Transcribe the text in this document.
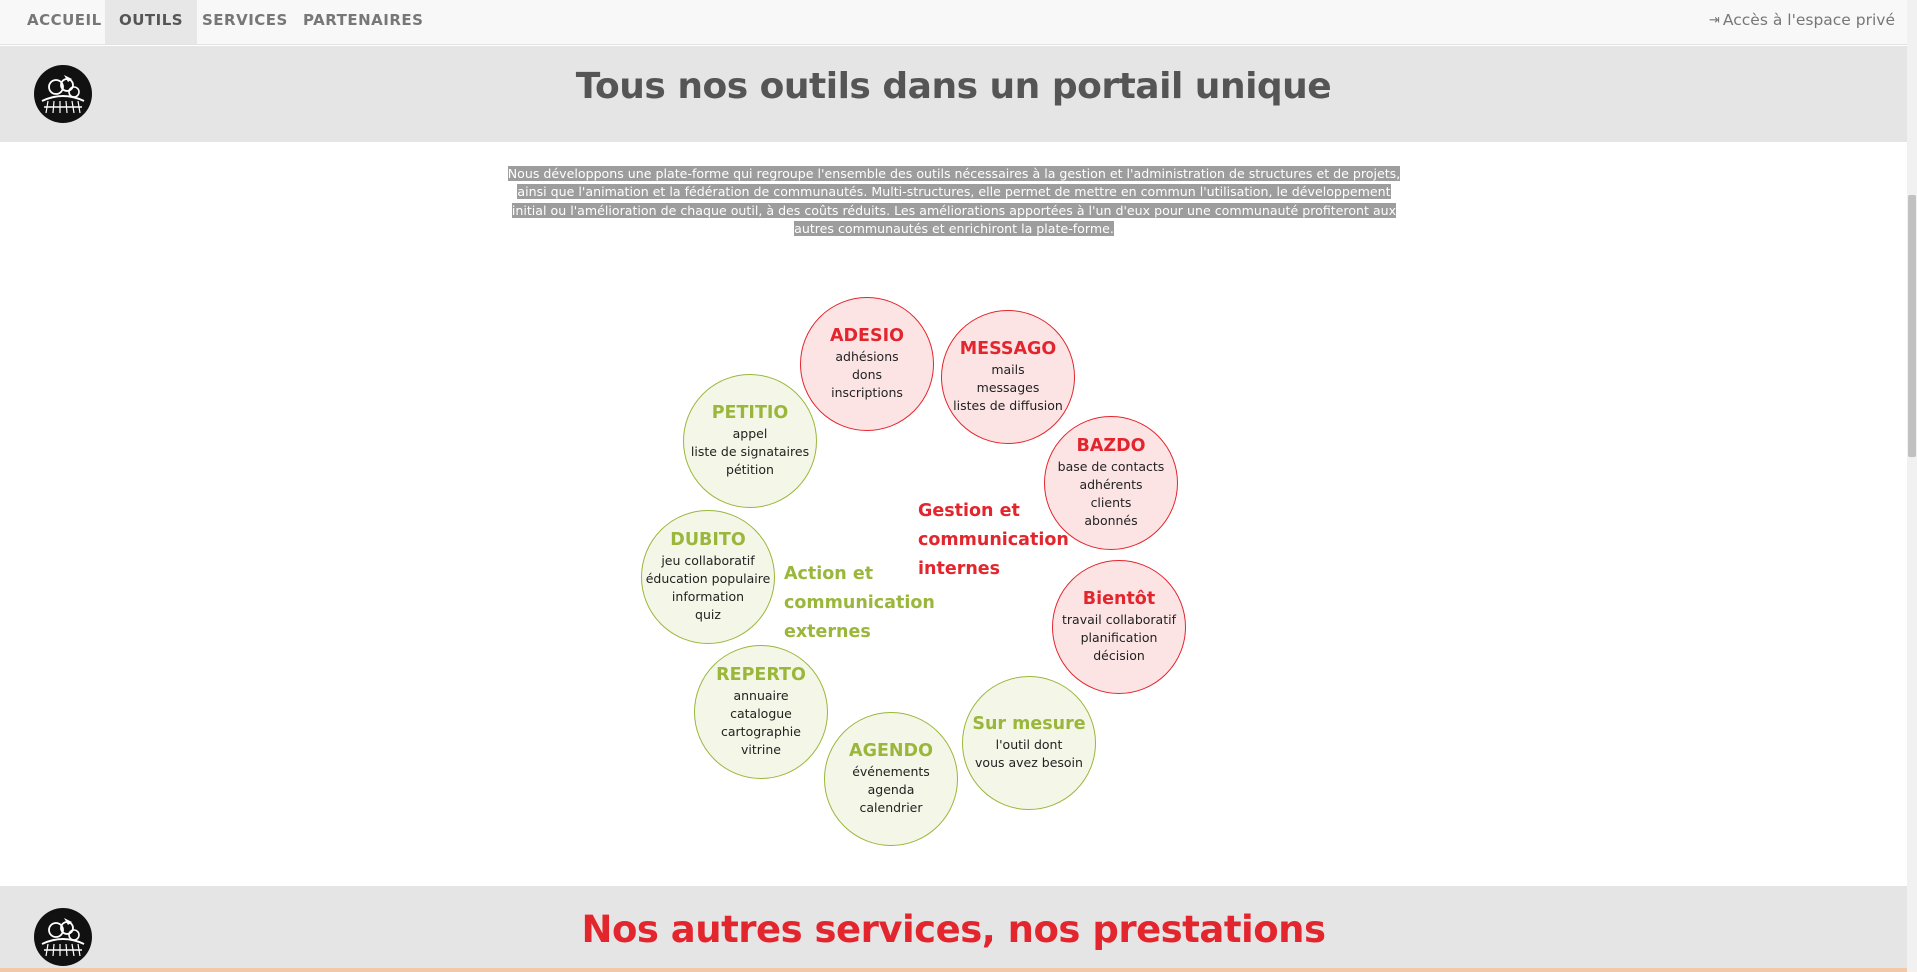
ACCUEIL	OUTILS	SERVICES	PARTENAIRES	⇥ Accès à l'espace privé
Tous nos outils dans un portail unique

Nous développons une plate-forme qui regroupe l'ensemble des outils nécessaires à la gestion et l'administration de structures et de projets, ainsi que l'animation et la fédération de communautés. Multi-structures, elle permet de mettre en commun l'utilisation, le développement initial ou l'amélioration de chaque outil, à des coûts réduits. Les améliorations apportées à l'un d'eux pour une communauté profiteront aux autres communautés et enrichiront la plate-forme.

ADESIO
adhésions
dons
inscriptions
MESSAGO
mails
messages
listes de diffusion
BAZDO
base de contacts
adhérents
clients
abonnés
Bientôt
travail collaboratif
planification
décision
Sur mesure
l'outil dont
vous avez besoin
AGENDO
événements
agenda
calendrier
REPERTO
annuaire
catalogue
cartographie
vitrine
DUBITO
jeu collaboratif
éducation populaire
information
quiz
PETITIO
appel
liste de signataires
pétition
Gestion et
communication
internes
Action et
communication
externes
Nos autres services, nos prestations
